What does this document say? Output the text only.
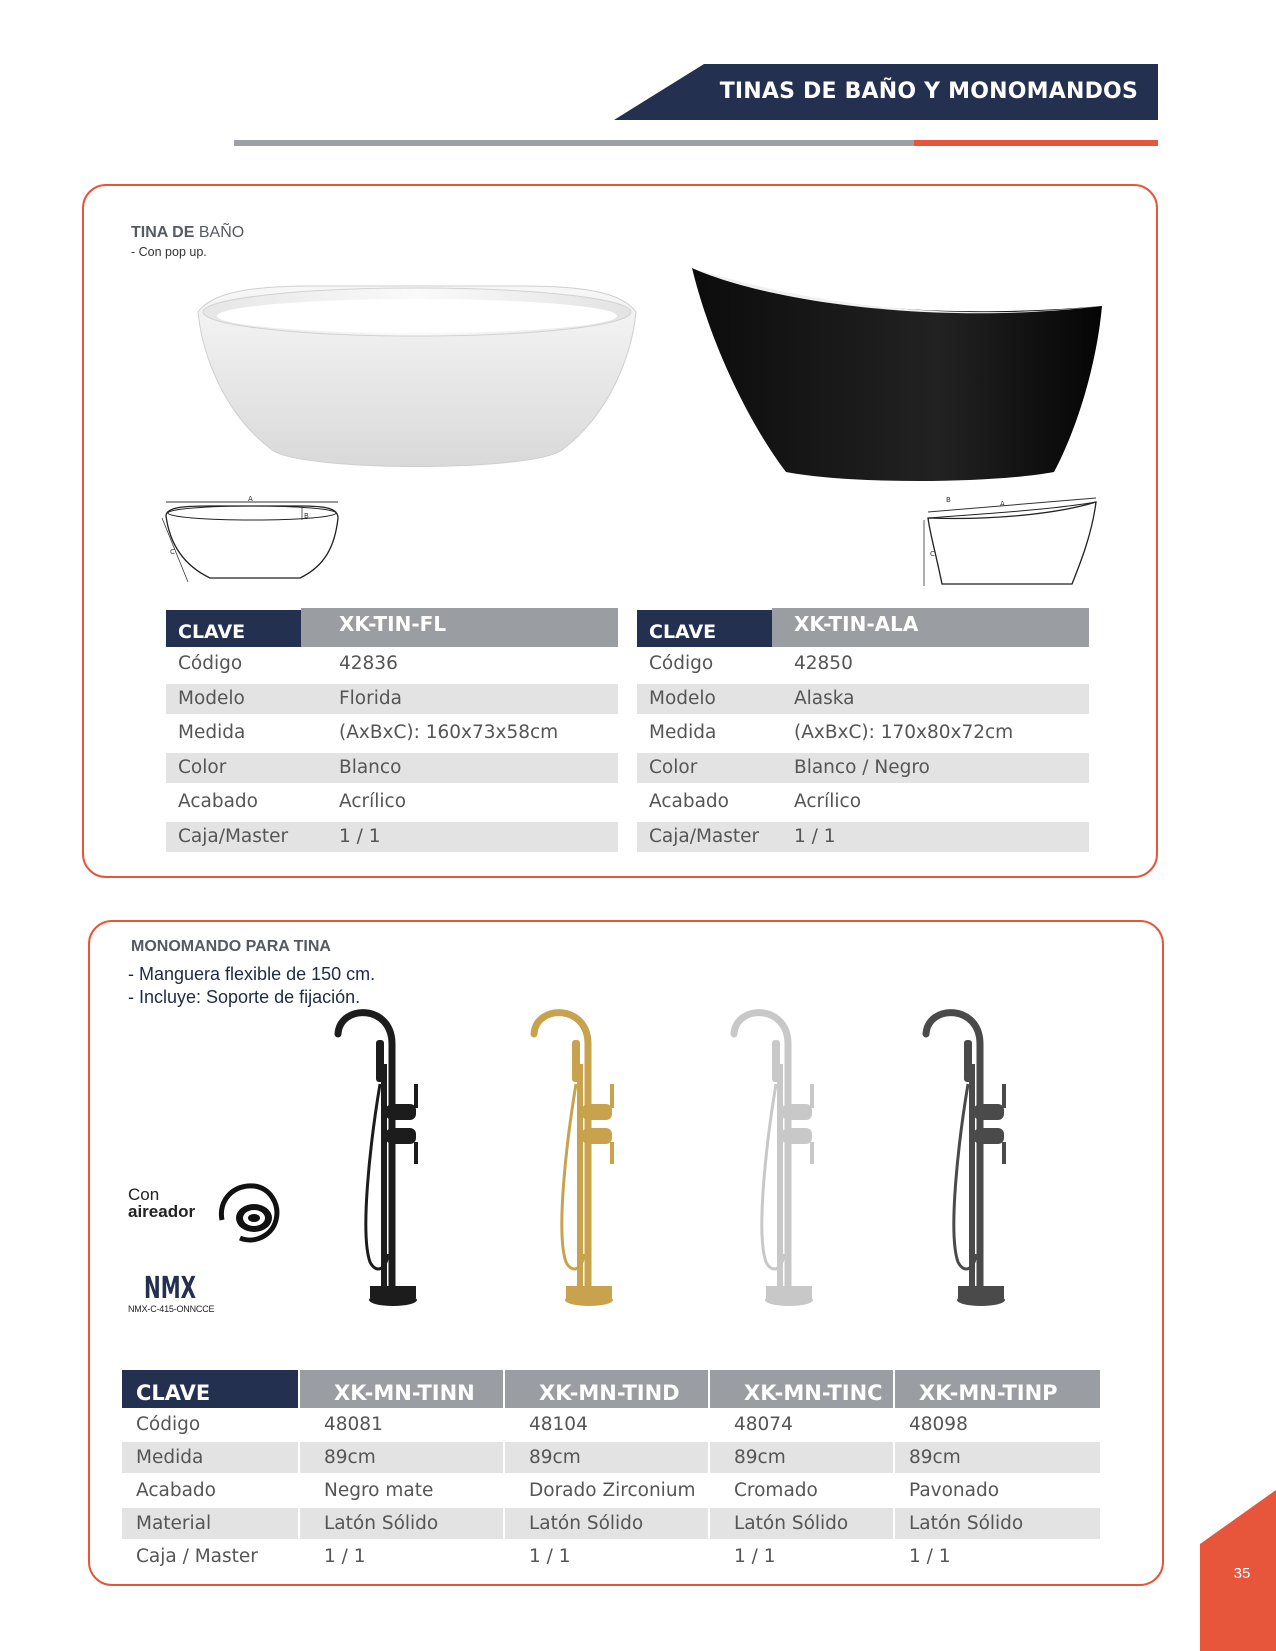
TINAS DE BAÑO Y MONOMANDOS
TINA DE BAÑO
- Con pop up.
A
B
C
A
B
C
CLAVE	XK-TIN-FL
Código	42836
Modelo	Florida
Medida	(AxBxC): 160x73x58cm
Color	Blanco
Acabado	Acrílico
Caja/Master	1 / 1
CLAVE	XK-TIN-ALA
Código	42850
Modelo	Alaska
Medida	(AxBxC): 170x80x72cm
Color	Blanco / Negro
Acabado	Acrílico
Caja/Master 1 / 1
MONOMANDO PARA TINA
- Manguera flexible de 150 cm.
- Incluye: Soporte de fijación.
Con
aireador
NMX
NMX-C-415-ONNCCE
CLAVE	XK-MN-TINN	XK-MN-TIND	XK-MN-TINC	XK-MN-TINP
Código	48081	48104	48074	48098
Medida	89cm	89cm	89cm	89cm
Acabado	Negro mate	Dorado Zirconium	Cromado	Pavonado
Material	Latón Sólido	Latón Sólido	Latón Sólido	Latón Sólido
Caja / Master	1 / 1	1 / 1	1 / 1	1 / 1
35
